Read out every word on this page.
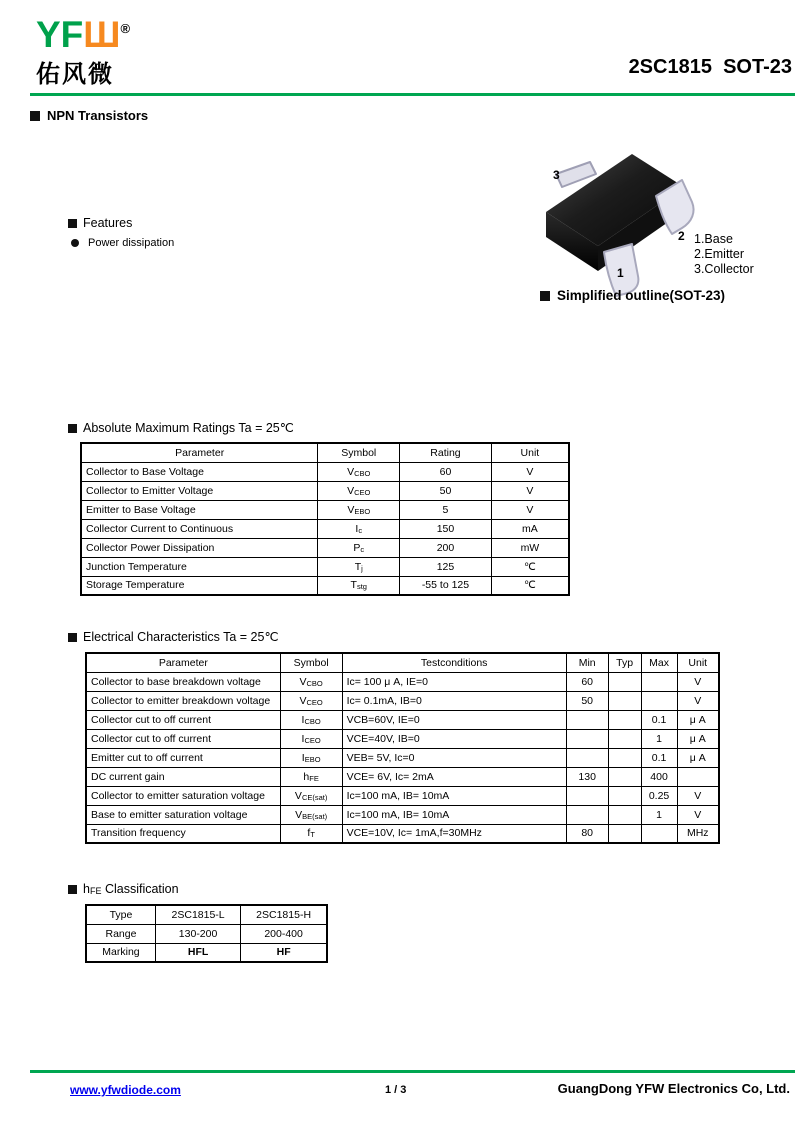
YFШ®
佑风微	2SC1815  SOT-23
NPN Transistors
Features
Power dissipation
3
2
1
1.Base
2.Emitter
3.Collector
Simplified outline(SOT-23)
Absolute Maximum Ratings Ta = 25℃
Parameter	Symbol	Rating	Unit
Collector to Base Voltage	VCBO	60	V
Collector to Emitter Voltage	VCEO	50	V
Emitter to Base Voltage	VEBO	5	V
Collector Current to Continuous	Ic	150	mA
Collector Power Dissipation	Pc	200	mW
Junction Temperature	Tj	125	℃
Storage Temperature	Tstg	-55 to 125	℃
Electrical Characteristics Ta = 25℃
Parameter	Symbol	Testconditions	Min	Typ	Max	Unit
Collector to base breakdown voltage	VCBO	Ic= 100 μ A, IE=0	60			V
Collector to emitter breakdown voltage	VCEO	Ic= 0.1mA, IB=0	50			V
Collector cut to off current	ICBO	VCB=60V, IE=0			0.1	μ A
Collector cut to off current	ICEO	VCE=40V, IB=0			1	μ A
Emitter cut to off current	IEBO	VEB= 5V, Ic=0			0.1	μ A
DC current gain	hFE	VCE= 6V, Ic= 2mA	130		400	
Collector to emitter saturation voltage	VCE(sat)	Ic=100 mA, IB= 10mA			0.25	V
Base to emitter saturation voltage	VBE(sat)	Ic=100 mA, IB= 10mA			1	V
Transition frequency	fT	VCE=10V, Ic= 1mA,f=30MHz	80			MHz
hFE Classification
Type	2SC1815-L	2SC1815-H
Range	130-200	200-400
Marking	HFL	HF
www.yfwdiode.com	1 / 3	GuangDong YFW Electronics Co, Ltd.
